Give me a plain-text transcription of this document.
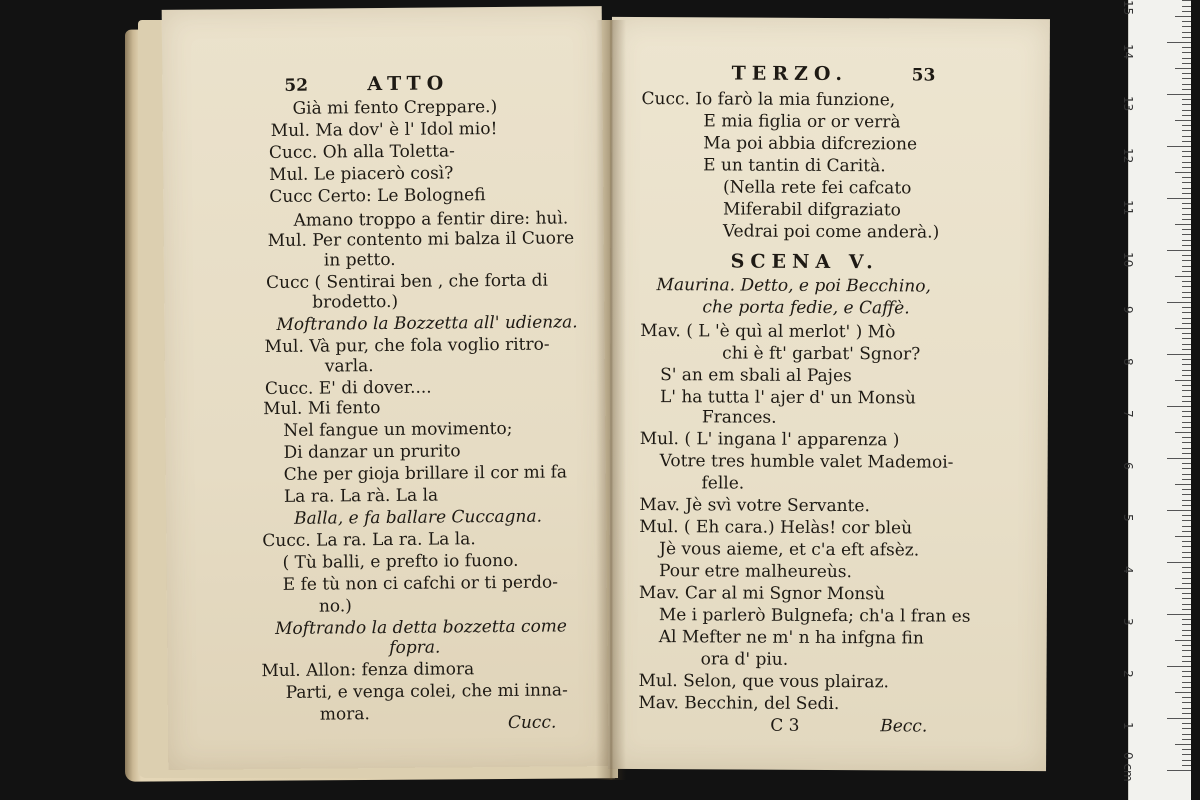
52	ATTO
Già mi fento Creppare.)
Mul. Ma dov' è l' Idol mio!
Cucc. Oh alla Toletta-
Mul. Le piacerò così?
Cucc Certo: Le Bolognefi
Amano troppo a fentir dire: huì.
Mul. Per contento mi balza il Cuore
in petto.
Cucc ( Sentirai ben , che forta di
brodetto.)
Moftrando la Bozzetta all' udienza.
Mul. Và pur, che fola voglio ritro-
varla.
Cucc. E' di dover....
Mul. Mi fento
Nel fangue un movimento;
Di danzar un prurito
Che per gioja brillare il cor mi fa
La ra. La rà. La la
Balla, e fa ballare Cuccagna.
Cucc. La ra. La ra. La la.
( Tù balli, e prefto io fuono.
E fe tù non ci cafchi or ti perdo-
no.)
Moftrando la detta bozzetta come
fopra.
Mul. Allon: fenza dimora
Parti, e venga colei, che mi inna-
mora.	Cucc.
TERZO.	53
Cucc. Io farò la mia funzione,
E mia figlia or or verrà
Ma poi abbia difcrezione
E un tantin di Carità.
(Nella rete fei cafcato
Miferabil difgraziato
Vedrai poi come anderà.)
SCENA V.
Maurina. Detto, e poi Becchino,
che porta fedie, e Caffè.
Mav. ( L 'è quì al merlot' ) Mò
chi è ft' garbat' Sgnor?
S' an em sbali al Pajes
L' ha tutta l' ajer d' un Monsù
Frances.
Mul. ( L' ingana l' apparenza )
Votre tres humble valet Mademoi-
felle.
Mav. Jè svì votre Servante.
Mul. ( Eh cara.) Helàs! cor bleù
Jè vous aieme, et c'a eft afsèz.
Pour etre malheureùs.
Mav. Car al mi Sgnor Monsù
Me i parlerò Bulgnefa; ch'a l fran es
Al Mefter ne m' n ha infgna fin
ora d' piu.
Mul. Selon, que vous plairaz.
Mav. Becchin, del Sedi.
C 3	Becc.
0 cm
1
2
3
4
5
6
7
8
9
10
11
12
13
14
15
